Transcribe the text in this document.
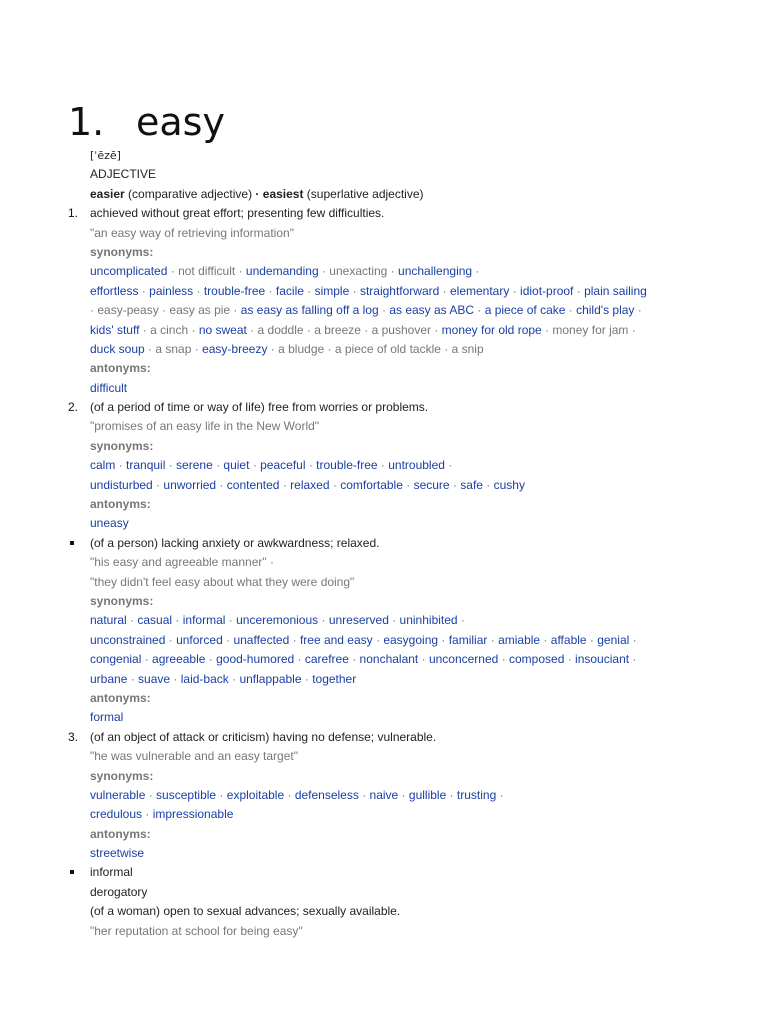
1. easy
[ˈēzē]
ADJECTIVE
easier (comparative adjective) · easiest (superlative adjective)
1. achieved without great effort; presenting few difficulties.
"an easy way of retrieving information"
synonyms:
uncomplicated · not difficult · undemanding · unexacting · unchallenging ·
effortless · painless · trouble-free · facile · simple · straightforward · elementary · idiot-proof · plain sailing
· easy-peasy · easy as pie · as easy as falling off a log · as easy as ABC · a piece of cake · child's play ·
kids' stuff · a cinch · no sweat · a doddle · a breeze · a pushover · money for old rope · money for jam ·
duck soup · a snap · easy-breezy · a bludge · a piece of old tackle · a snip
antonyms:
difficult
2. (of a period of time or way of life) free from worries or problems.
"promises of an easy life in the New World"
synonyms:
calm · tranquil · serene · quiet · peaceful · trouble-free · untroubled ·
undisturbed · unworried · contented · relaxed · comfortable · secure · safe · cushy
antonyms:
uneasy
(of a person) lacking anxiety or awkwardness; relaxed.
"his easy and agreeable manner" ·
"they didn't feel easy about what they were doing"
synonyms:
natural · casual · informal · unceremonious · unreserved · uninhibited ·
unconstrained · unforced · unaffected · free and easy · easygoing · familiar · amiable · affable · genial ·
congenial · agreeable · good-humored · carefree · nonchalant · unconcerned · composed · insouciant ·
urbane · suave · laid-back · unflappable · together
antonyms:
formal
3. (of an object of attack or criticism) having no defense; vulnerable.
"he was vulnerable and an easy target"
synonyms:
vulnerable · susceptible · exploitable · defenseless · naive · gullible · trusting ·
credulous · impressionable
antonyms:
streetwise
informal
derogatory
(of a woman) open to sexual advances; sexually available.
"her reputation at school for being easy"
